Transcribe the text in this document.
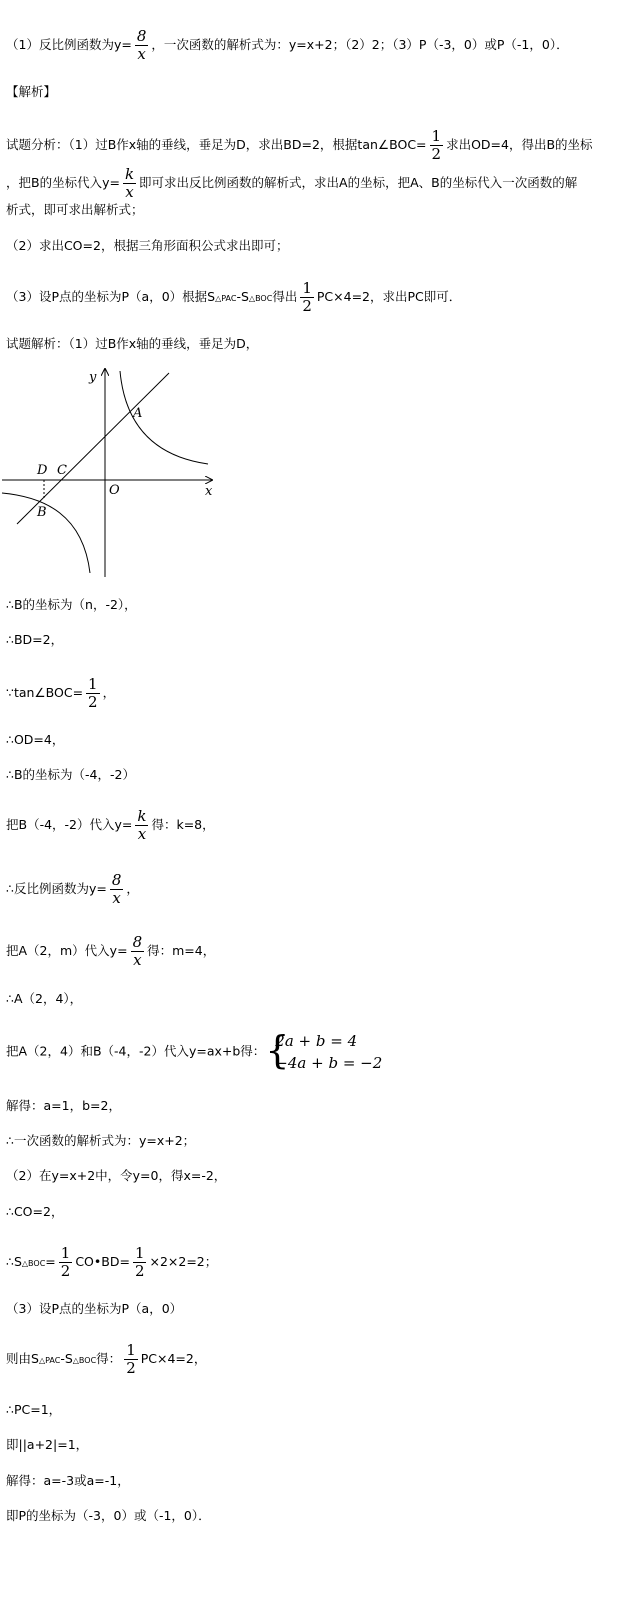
（1）反比例函数为$y= \frac{8}{x}$ ，一次函数的解析式为：y=x+2；（2）2；（3）P（-3，0）或P（-1，0）．
【解析】
试题分析：（1）过B作x轴的垂线，垂足为D，求出BD=2，根据tan∠BOC= $\frac{1}{2}$ 求出OD=4，得出B的坐标
，把B的坐标代入$y= \frac{k}{x}$ 即可求出反比例函数的解析式，求出A的坐标，把A、B的坐标代入一次函数的解
析式，即可求出解析式；
（2）求出CO=2，根据三角形面积公式求出即可；
（3）设P点的坐标为P（a，0）根据S△PAC-S△BOC得出 $\frac{1}{2} PC\times 4=2$，求出PC即可．
试题解析：（1）过B作x轴的垂线，垂足为D，
y
x
A
B
C
D
O
∴B的坐标为（n，-2），
∴BD=2，
∵tan∠BOC= $\frac{1}{2}$ ，
∴OD=4，
∴B的坐标为（-4，-2）
把B（-4，-2）代入$y= \frac{k}{x}$ 得：k=8，
∴反比例函数为$y= \frac{8}{x}$ ，
把A（2，m）代入$y= \frac{8}{x}$ 得：m=4，
∴A（2，4），
把A（2，4）和B（-4，-2）代入y=ax+b得： {
2a + b = 4
−4a + b = −2
解得：a=1，b=2，
∴一次函数的解析式为：y=x+2；
（2）在y=x+2中，令y=0，得x=-2，
∴CO=2，
∴S△BOC= $\frac{1}{2}$ CO•BD= $\frac{1}{2} \times 2\times 2=2$；
（3）设P点的坐标为P（a，0）
则由S△PAC-S△BOC得： $\frac{1}{2} PC\times 4=2$，
∴PC=1，
即||a+2|=1，
解得：a=-3或a=-1，
即P的坐标为（-3，0）或（-1，0）．
